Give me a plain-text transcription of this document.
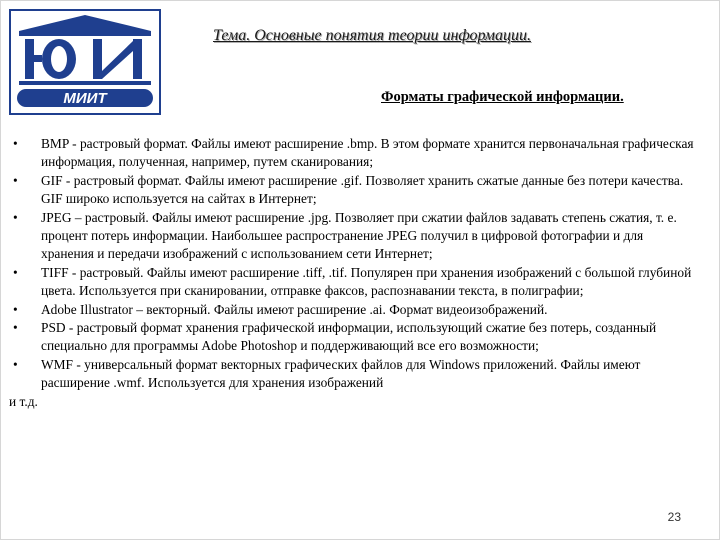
МИИТ
Тема. Основные понятия теории информации.
Форматы графической информации.
• BMP - растровый формат. Файлы имеют расширение .bmp. В этом формате хранится первоначальная графическая информация, полученная, например, путем сканирования;
• GIF - растровый формат. Файлы имеют расширение .gif. Позволяет хранить сжатые данные без потери качества. GIF широко используется на сайтах в Интернет;
• JPEG – растровый. Файлы имеют расширение .jpg. Позволяет при сжатии файлов задавать степень сжатия, т. е. процент потерь информации. Наибольшее распространение JPEG получил в цифровой фотографии и для хранения и передачи изображений с использованием сети Интернет;
• TIFF - растровый. Файлы имеют расширение .tiff, .tif. Популярен при хранения изображений с большой глубиной цвета. Используется при сканировании, отправке факсов, распознавании текста, в полиграфии;
• Adobe Illustrator – векторный. Файлы имеют расширение .ai. Формат видеоизображений.
• PSD - растровый формат хранения графической информации, использующий сжатие без потерь, созданный специально для программы Adobe Photoshop и поддерживающий все его возможности;
• WMF - универсальный формат векторных графических файлов для Windows приложений. Файлы имеют расширение .wmf. Используется для хранения изображений
и т.д.
23
